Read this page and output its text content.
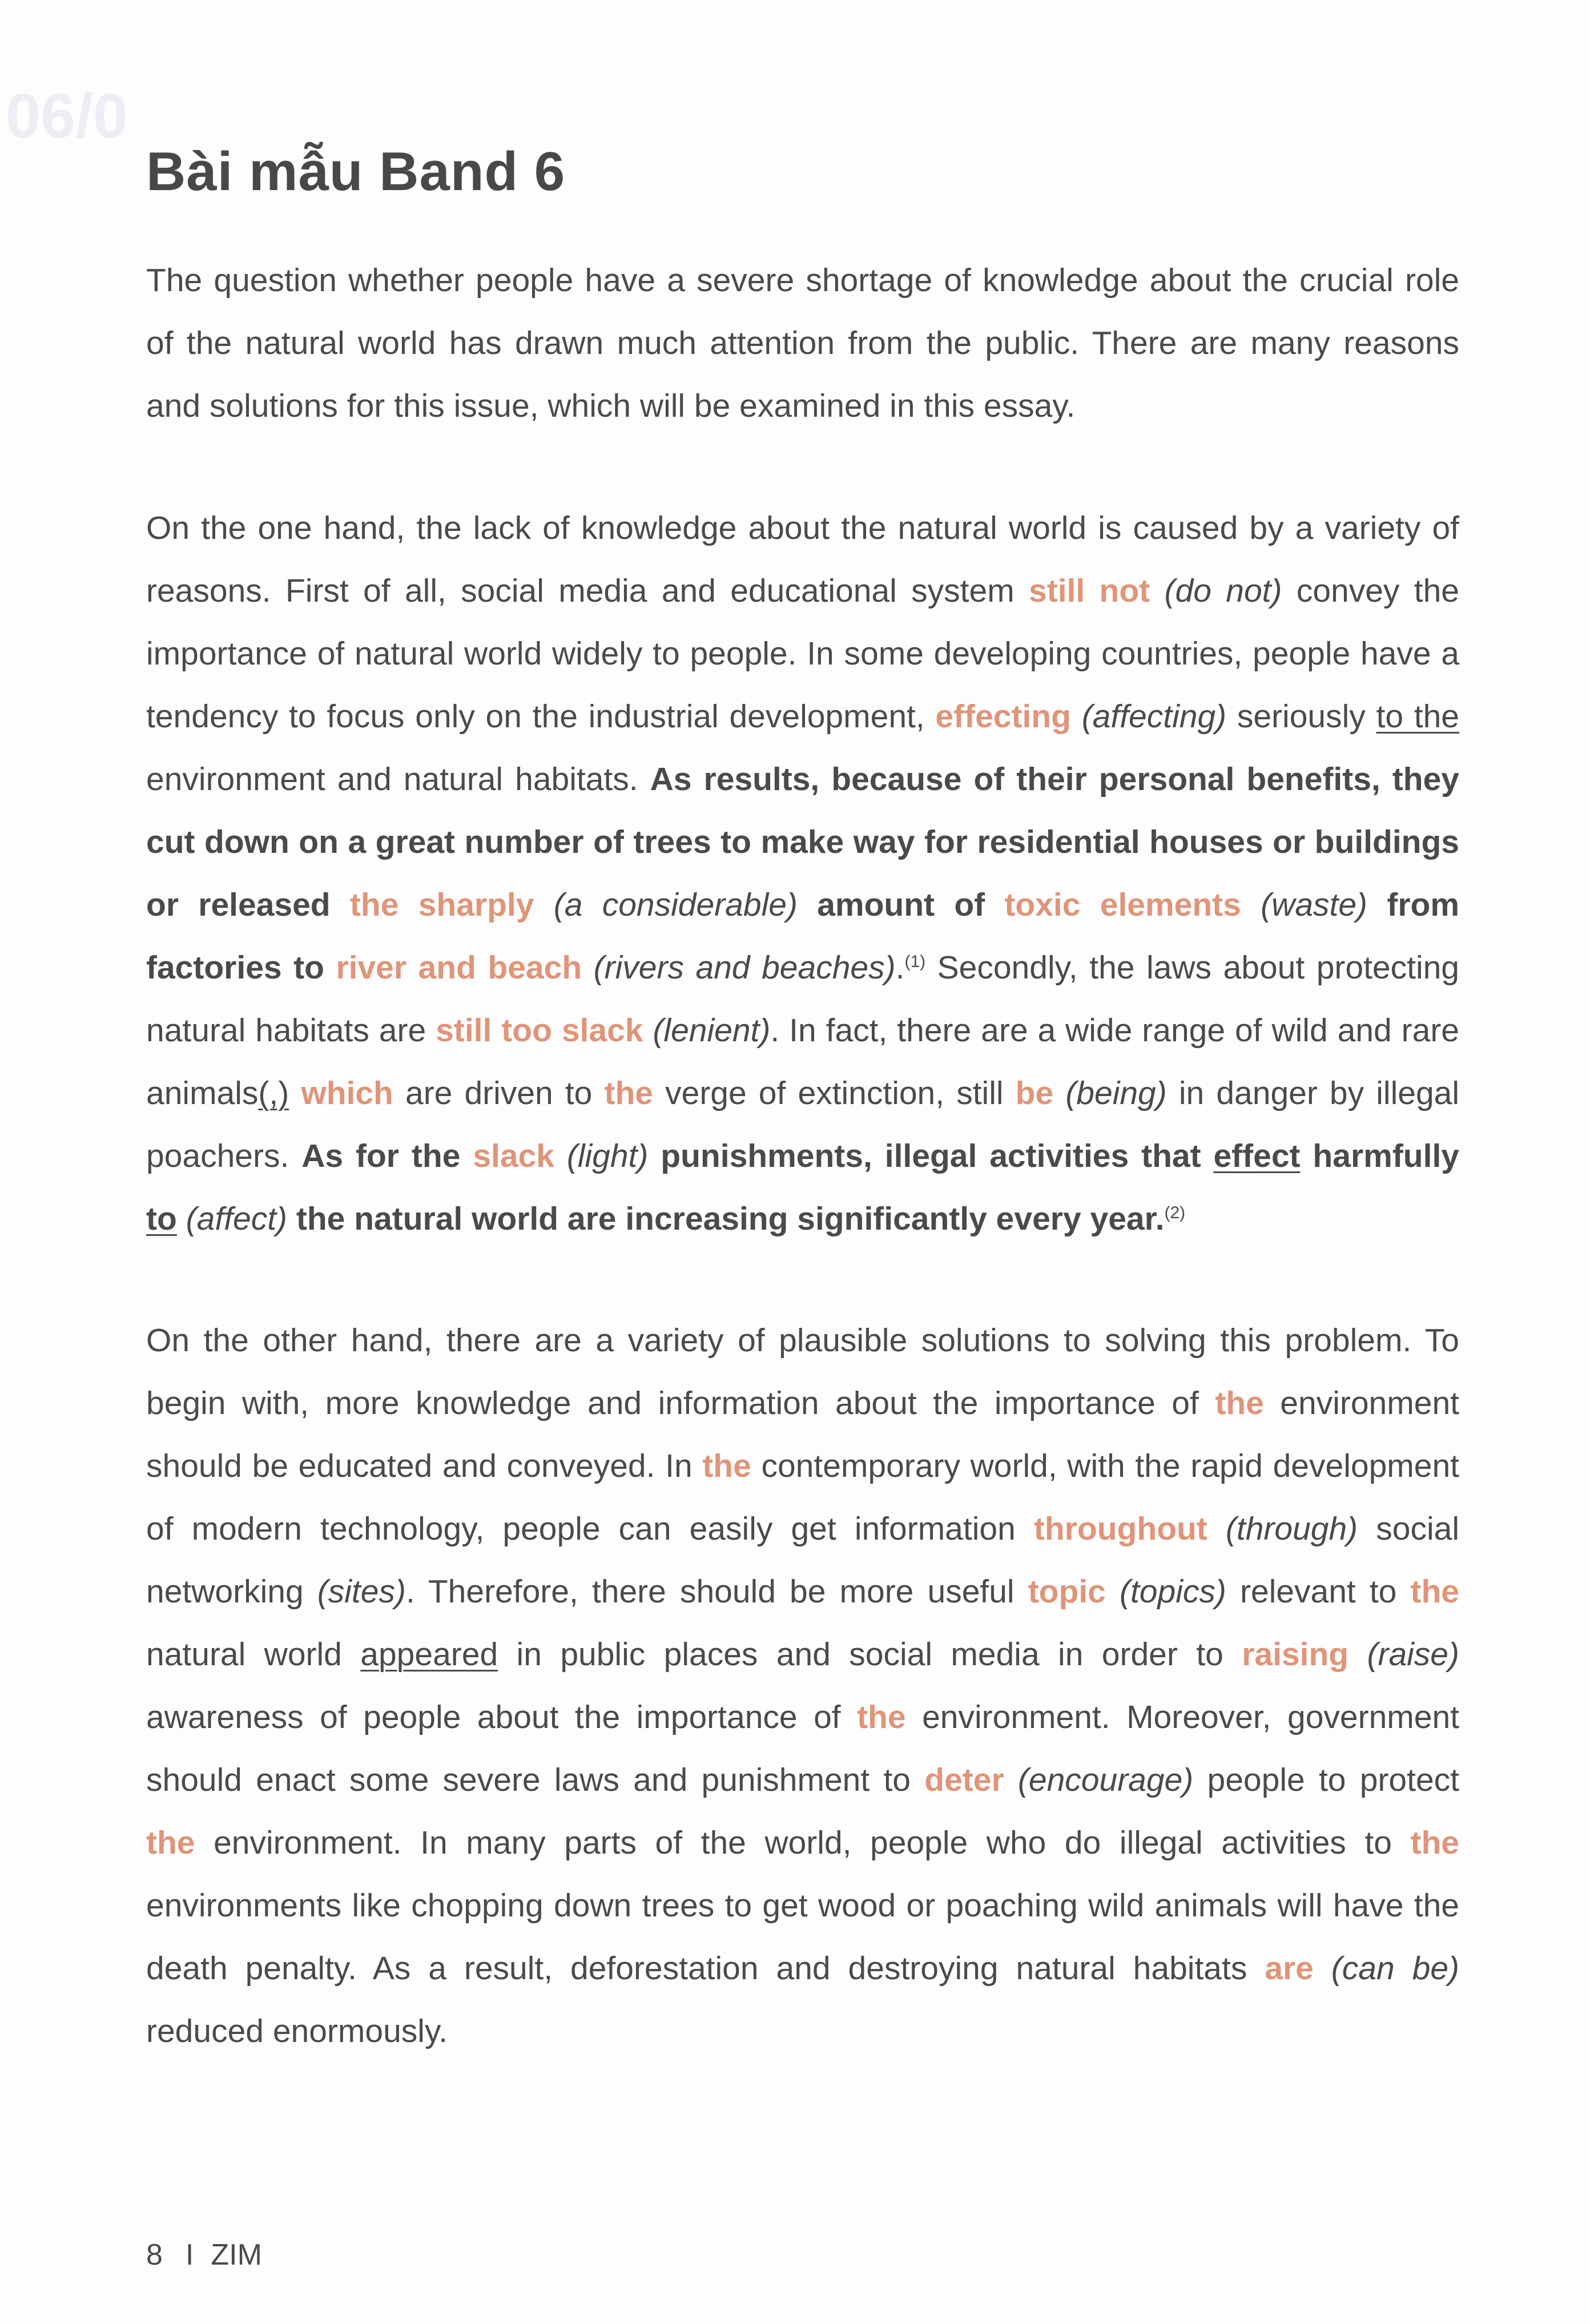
06/0
Bài mẫu Band 6

The question whether people have a severe shortage of knowledge about the crucial role of the natural world has drawn much attention from the public. There are many reasons and solutions for this issue, which will be examined in this essay.

On the one hand, the lack of knowledge about the natural world is caused by a variety of reasons. First of all, social media and educational system still not (do not) convey the importance of natural world widely to people. In some developing countries, people have a tendency to focus only on the industrial development, effecting (affecting) seriously to the environment and natural habitats. As results, because of their personal benefits, they cut down on a great number of trees to make way for residential houses or buildings or released the sharply (a considerable) amount of toxic elements (waste) from factories to river and beach (rivers and beaches).$^{(1)}$ Secondly, the laws about protecting natural habitats are still too slack (lenient). In fact, there are a wide range of wild and rare animals(,) which are driven to the verge of extinction, still be (being) in danger by illegal poachers. As for the slack (light) punishments, illegal activities that effect harmfully to (affect) the natural world are increasing significantly every year.$^{(2)}$

On the other hand, there are a variety of plausible solutions to solving this problem. To begin with, more knowledge and information about the importance of the environment should be educated and conveyed. In the contemporary world, with the rapid development of modern technology, people can easily get information throughout (through) social networking (sites). Therefore, there should be more useful topic (topics) relevant to the natural world appeared in public places and social media in order to raising (raise) awareness of people about the importance of the environment. Moreover, government should enact some severe laws and punishment to deter (encourage) people to protect the environment. In many parts of the world, people who do illegal activities to the environments like chopping down trees to get wood or poaching wild animals will have the death penalty. As a result, deforestation and destroying natural habitats are (can be) reduced enormously.

8 I ZIM
